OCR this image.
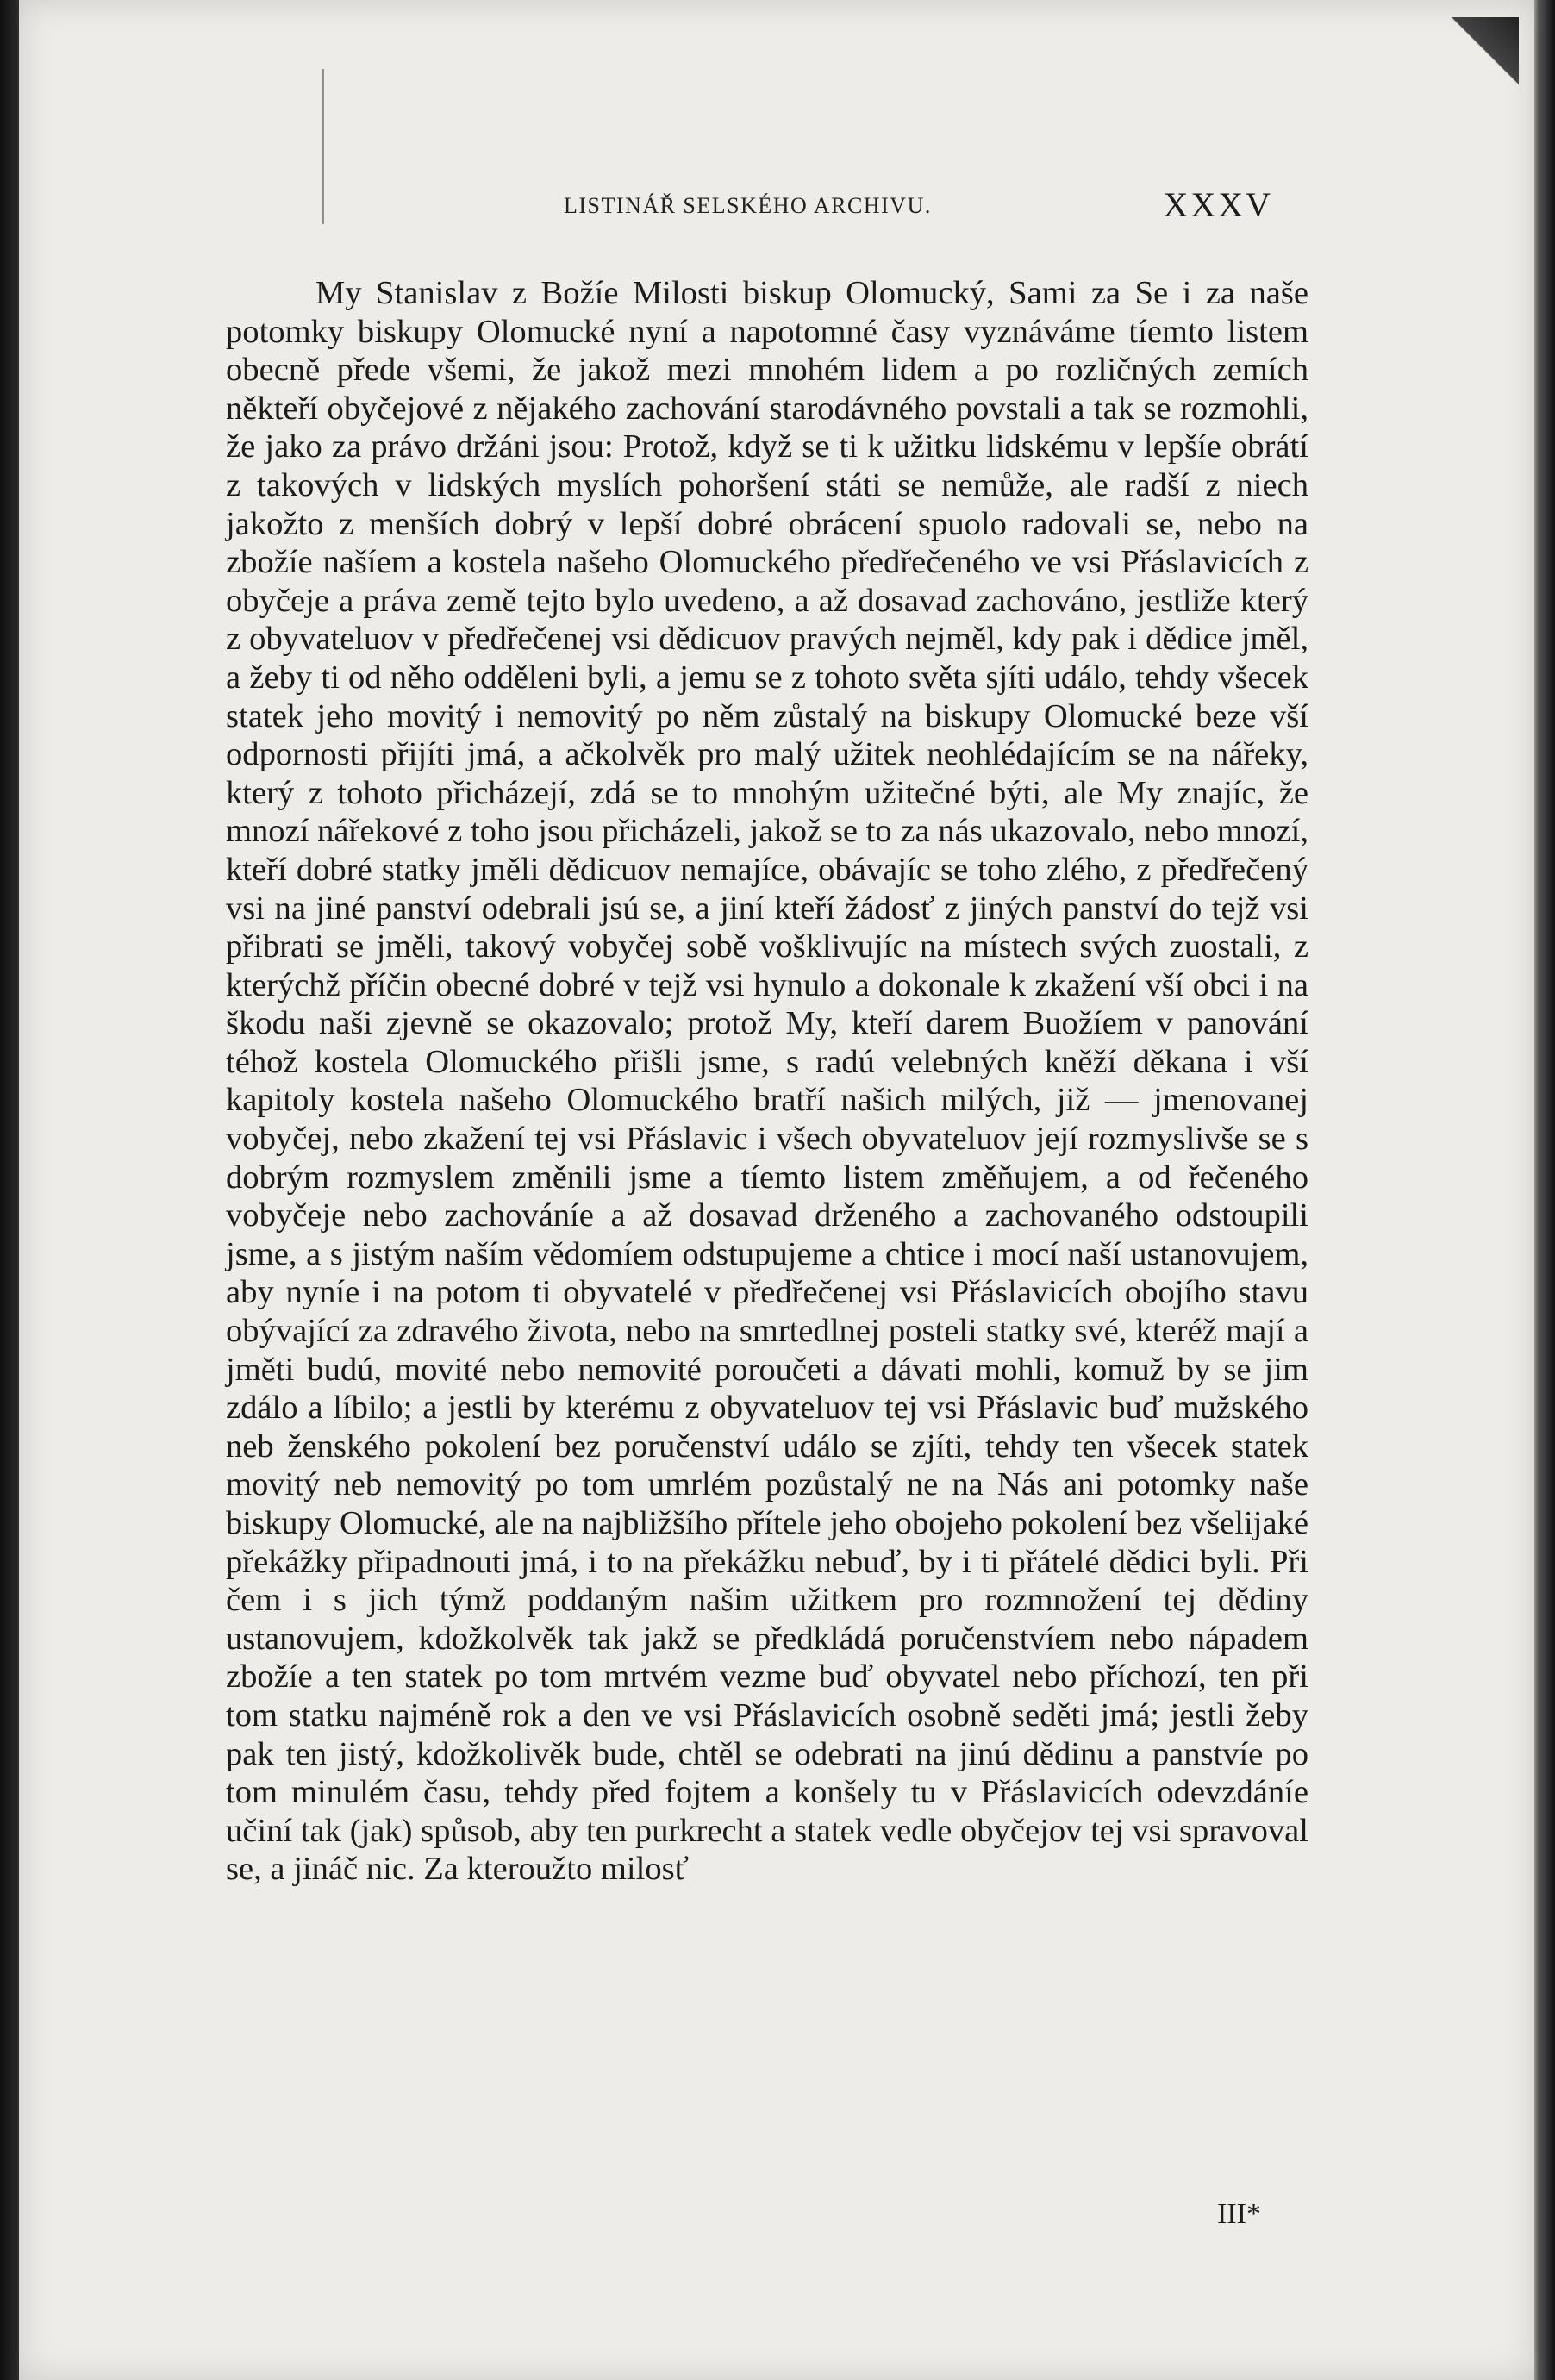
LISTINÁŘ SELSKÉHO ARCHIVU.	XXXV

My Stanislav z Božíe Milosti biskup Olomucký, Sami za Se i za naše potomky biskupy Olomucké nyní a napotomné časy vyznáváme tíemto listem obecně přede všemi, že jakož mezi mnohém lidem a po rozličných zemích někteří obyčejové z nějakého zachování starodávného povstali a tak se rozmohli, že jako za právo držáni jsou: Protož, když se ti k užitku lidskému v lepšíe obrátí z takových v lidských myslích pohoršení státi se nemůže, ale radší z niech jakožto z menších dobrý v lepší dobré obrácení spuolo radovali se, nebo na zbožíe našíem a kostela našeho Olomuckého předřečeného ve vsi Přáslavicích z obyčeje a práva země tejto bylo uvedeno, a až dosavad zachováno, jestliže který z obyvateluov v předřečenej vsi dědicuov pravých nejměl, kdy pak i dědice jměl, a žeby ti od něho odděleni byli, a jemu se z tohoto světa sjíti událo, tehdy všecek statek jeho movitý i nemovitý po něm zůstalý na biskupy Olomucké beze vší odpornosti přijíti jmá, a ačkolvěk pro malý užitek neohlédajícím se na nářeky, který z tohoto přicházejí, zdá se to mnohým užitečné býti, ale My znajíc, že mnozí nářekové z toho jsou přicházeli, jakož se to za nás ukazovalo, nebo mnozí, kteří dobré statky jměli dědicuov nemajíce, obávajíc se toho zlého, z předřečený vsi na jiné panství odebrali jsú se, a jiní kteří žádosť z jiných panství do tejž vsi přibrati se jměli, takový vobyčej sobě vošklivujíc na místech svých zuostali, z kterýchž příčin obecné dobré v tejž vsi hynulo a dokonale k zkažení vší obci i na škodu naši zjevně se okazovalo; protož My, kteří darem Buožíem v panování téhož kostela Olomuckého přišli jsme, s radú velebných kněží děkana i vší kapitoly kostela našeho Olomuckého bratří našich milých, již — jmenovanej vobyčej, nebo zkažení tej vsi Přáslavic i všech obyvateluov její rozmyslivše se s dobrým rozmyslem změnili jsme a tíemto listem změňujem, a od řečeného vobyčeje nebo zachováníe a až dosavad drženého a zachovaného odstoupili jsme, a s jistým naším vědomíem odstupujeme a chtice i mocí naší ustanovujem, aby nyníe i na potom ti obyvatelé v předřečenej vsi Přáslavicích obojího stavu obývající za zdravého života, nebo na smrtedlnej posteli statky své, kteréž mají a jměti budú, movité nebo nemovité poroučeti a dávati mohli, komuž by se jim zdálo a líbilo; a jestli by kterému z obyvateluov tej vsi Přáslavic buď mužského neb ženského pokolení bez poručenství událo se zjíti, tehdy ten všecek statek movitý neb nemovitý po tom umrlém pozůstalý ne na Nás ani potomky naše biskupy Olomucké, ale na najbližšího přítele jeho obojeho pokolení bez všelijaké překážky připadnouti jmá, i to na překážku nebuď, by i ti přátelé dědici byli. Při čem i s jich týmž poddaným našim užitkem pro rozmnožení tej dědiny ustanovujem, kdožkolvěk tak jakž se předkládá poručenstvíem nebo nápadem zbožíe a ten statek po tom mrtvém vezme buď obyvatel nebo příchozí, ten při tom statku najméně rok a den ve vsi Přáslavicích osobně seděti jmá; jestli žeby pak ten jistý, kdožkolivěk bude, chtěl se odebrati na jinú dědinu a panstvíe po tom minulém času, tehdy před fojtem a konšely tu v Přáslavicích odevzdáníe učiní tak (jak) spůsob, aby ten purkrecht a statek vedle obyčejov tej vsi spravoval se, a jináč nic. Za kteroužto milosť

III*
